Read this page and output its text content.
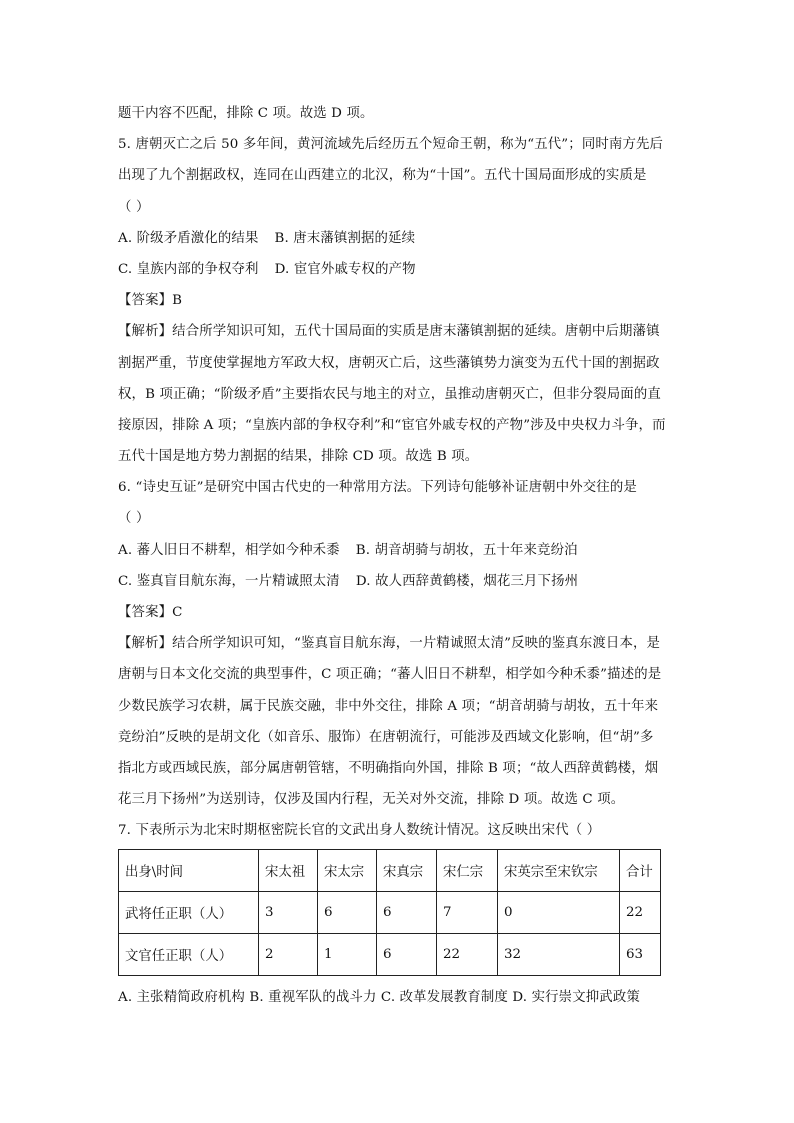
题干内容不匹配，排除 C 项。故选 D 项。
5. 唐朝灭亡之后 50 多年间，黄河流域先后经历五个短命王朝，称为“五代”；同时南方先后
出现了九个割据政权，连同在山西建立的北汉，称为“十国”。五代十国局面形成的实质是
（ ）
A. 阶级矛盾激化的结果 B. 唐末藩镇割据的延续
C. 皇族内部的争权夺利 D. 宦官外戚专权的产物
【答案】B
【解析】结合所学知识可知，五代十国局面的实质是唐末藩镇割据的延续。唐朝中后期藩镇
割据严重，节度使掌握地方军政大权，唐朝灭亡后，这些藩镇势力演变为五代十国的割据政
权，B 项正确；“阶级矛盾”主要指农民与地主的对立，虽推动唐朝灭亡，但非分裂局面的直
接原因，排除 A 项；“皇族内部的争权夺利”和“宦官外戚专权的产物”涉及中央权力斗争，而
五代十国是地方势力割据的结果，排除 CD 项。故选 B 项。
6. “诗史互证”是研究中国古代史的一种常用方法。下列诗句能够补证唐朝中外交往的是
（ ）
A. 蕃人旧日不耕犁，相学如今种禾黍 B. 胡音胡骑与胡妆，五十年来竞纷泊
C. 鉴真盲目航东海，一片精诚照太清 D. 故人西辞黄鹤楼，烟花三月下扬州
【答案】C
【解析】结合所学知识可知，“鉴真盲目航东海，一片精诚照太清”反映的鉴真东渡日本，是
唐朝与日本文化交流的典型事件，C 项正确；“蕃人旧日不耕犁，相学如今种禾黍”描述的是
少数民族学习农耕，属于民族交融，非中外交往，排除 A 项；“胡音胡骑与胡妆，五十年来
竞纷泊”反映的是胡文化（如音乐、服饰）在唐朝流行，可能涉及西域文化影响，但“胡”多
指北方或西域民族，部分属唐朝管辖，不明确指向外国，排除 B 项；“故人西辞黄鹤楼，烟
花三月下扬州”为送别诗，仅涉及国内行程，无关对外交流，排除 D 项。故选 C 项。
7. 下表所示为北宋时期枢密院长官的文武出身人数统计情况。这反映出宋代（ ）
出身\时间	宋太祖	宋太宗	宋真宗	宋仁宗	宋英宗至宋钦宗	合计
武将任正职（人）	3	6	6	7	0	22
文官任正职（人）	2	1	6	22	32	63
A. 主张精简政府机构 B. 重视军队的战斗力 C. 改革发展教育制度 D. 实行崇文抑武政策
